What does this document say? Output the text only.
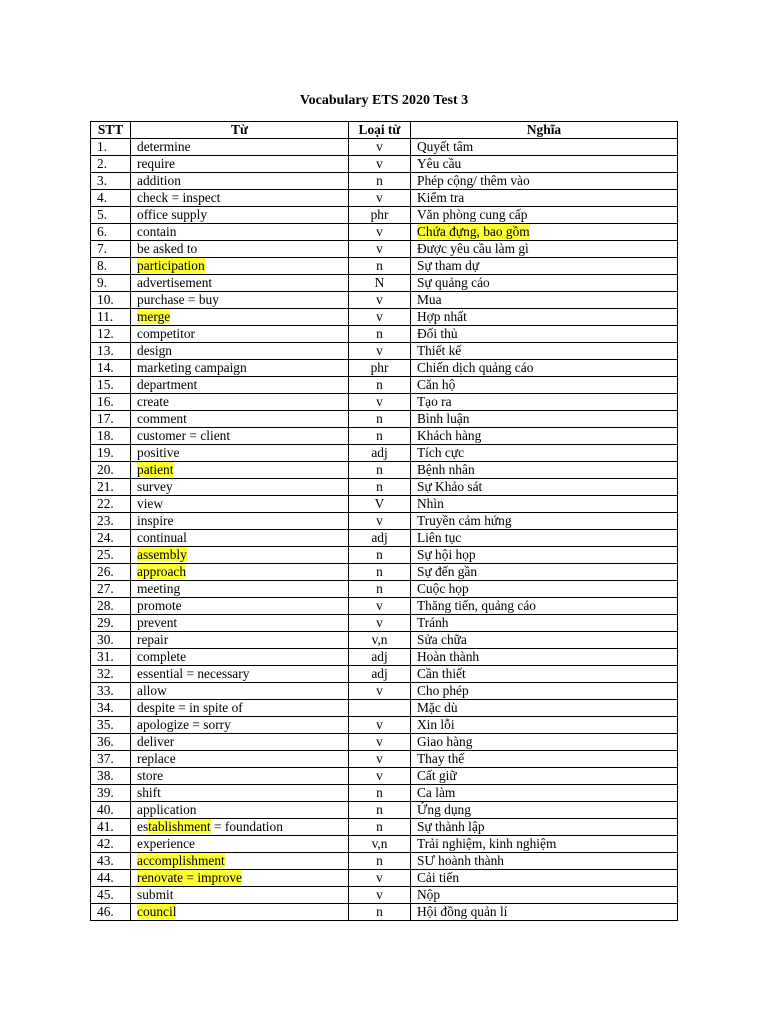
Vocabulary ETS 2020 Test 3
STT	Từ	Loại từ	Nghĩa
1.	determine	v	Quyết tâm
2.	require	v	Yêu cầu
3.	addition	n	Phép cộng/ thêm vào
4.	check = inspect	v	Kiểm tra
5.	office supply	phr	Văn phòng cung cấp
6.	contain	v	Chứa đựng, bao gồm
7.	be asked to	v	Được yêu cầu làm gì
8.	participation	n	Sự tham dự
9.	advertisement	N	Sự quảng cáo
10.	purchase = buy	v	Mua
11.	merge	v	Hợp nhất
12.	competitor	n	Đối thủ
13.	design	v	Thiết kế
14.	marketing campaign	phr	Chiến dịch quảng cáo
15.	department	n	Căn hộ
16.	create	v	Tạo ra
17.	comment	n	Bình luận
18.	customer = client	n	Khách hàng
19.	positive	adj	Tích cực
20.	patient	n	Bệnh nhân
21.	survey	n	Sự Khảo sát
22.	view	V	Nhìn
23.	inspire	v	Truyền cảm hứng
24.	continual	adj	Liên tục
25.	assembly	n	Sự hội họp
26.	approach	n	Sự đến gần
27.	meeting	n	Cuộc họp
28.	promote	v	Thăng tiến, quảng cáo
29.	prevent	v	Tránh
30.	repair	v,n	Sửa chữa
31.	complete	adj	Hoàn thành
32.	essential = necessary	adj	Cần thiết
33.	allow	v	Cho phép
34.	despite = in spite of		Mặc dù
35.	apologize = sorry	v	Xin lỗi
36.	deliver	v	Giao hàng
37.	replace	v	Thay thế
38.	store	v	Cất giữ
39.	shift	n	Ca làm
40.	application	n	Ứng dụng
41.	establishment = foundation	n	Sự thành lập
42.	experience	v,n	Trải nghiệm, kinh nghiệm
43.	accomplishment	n	SƯ hoành thành
44.	renovate = improve	v	Cải tiến
45.	submit	v	Nộp
46.	council	n	Hội đồng quản lí
